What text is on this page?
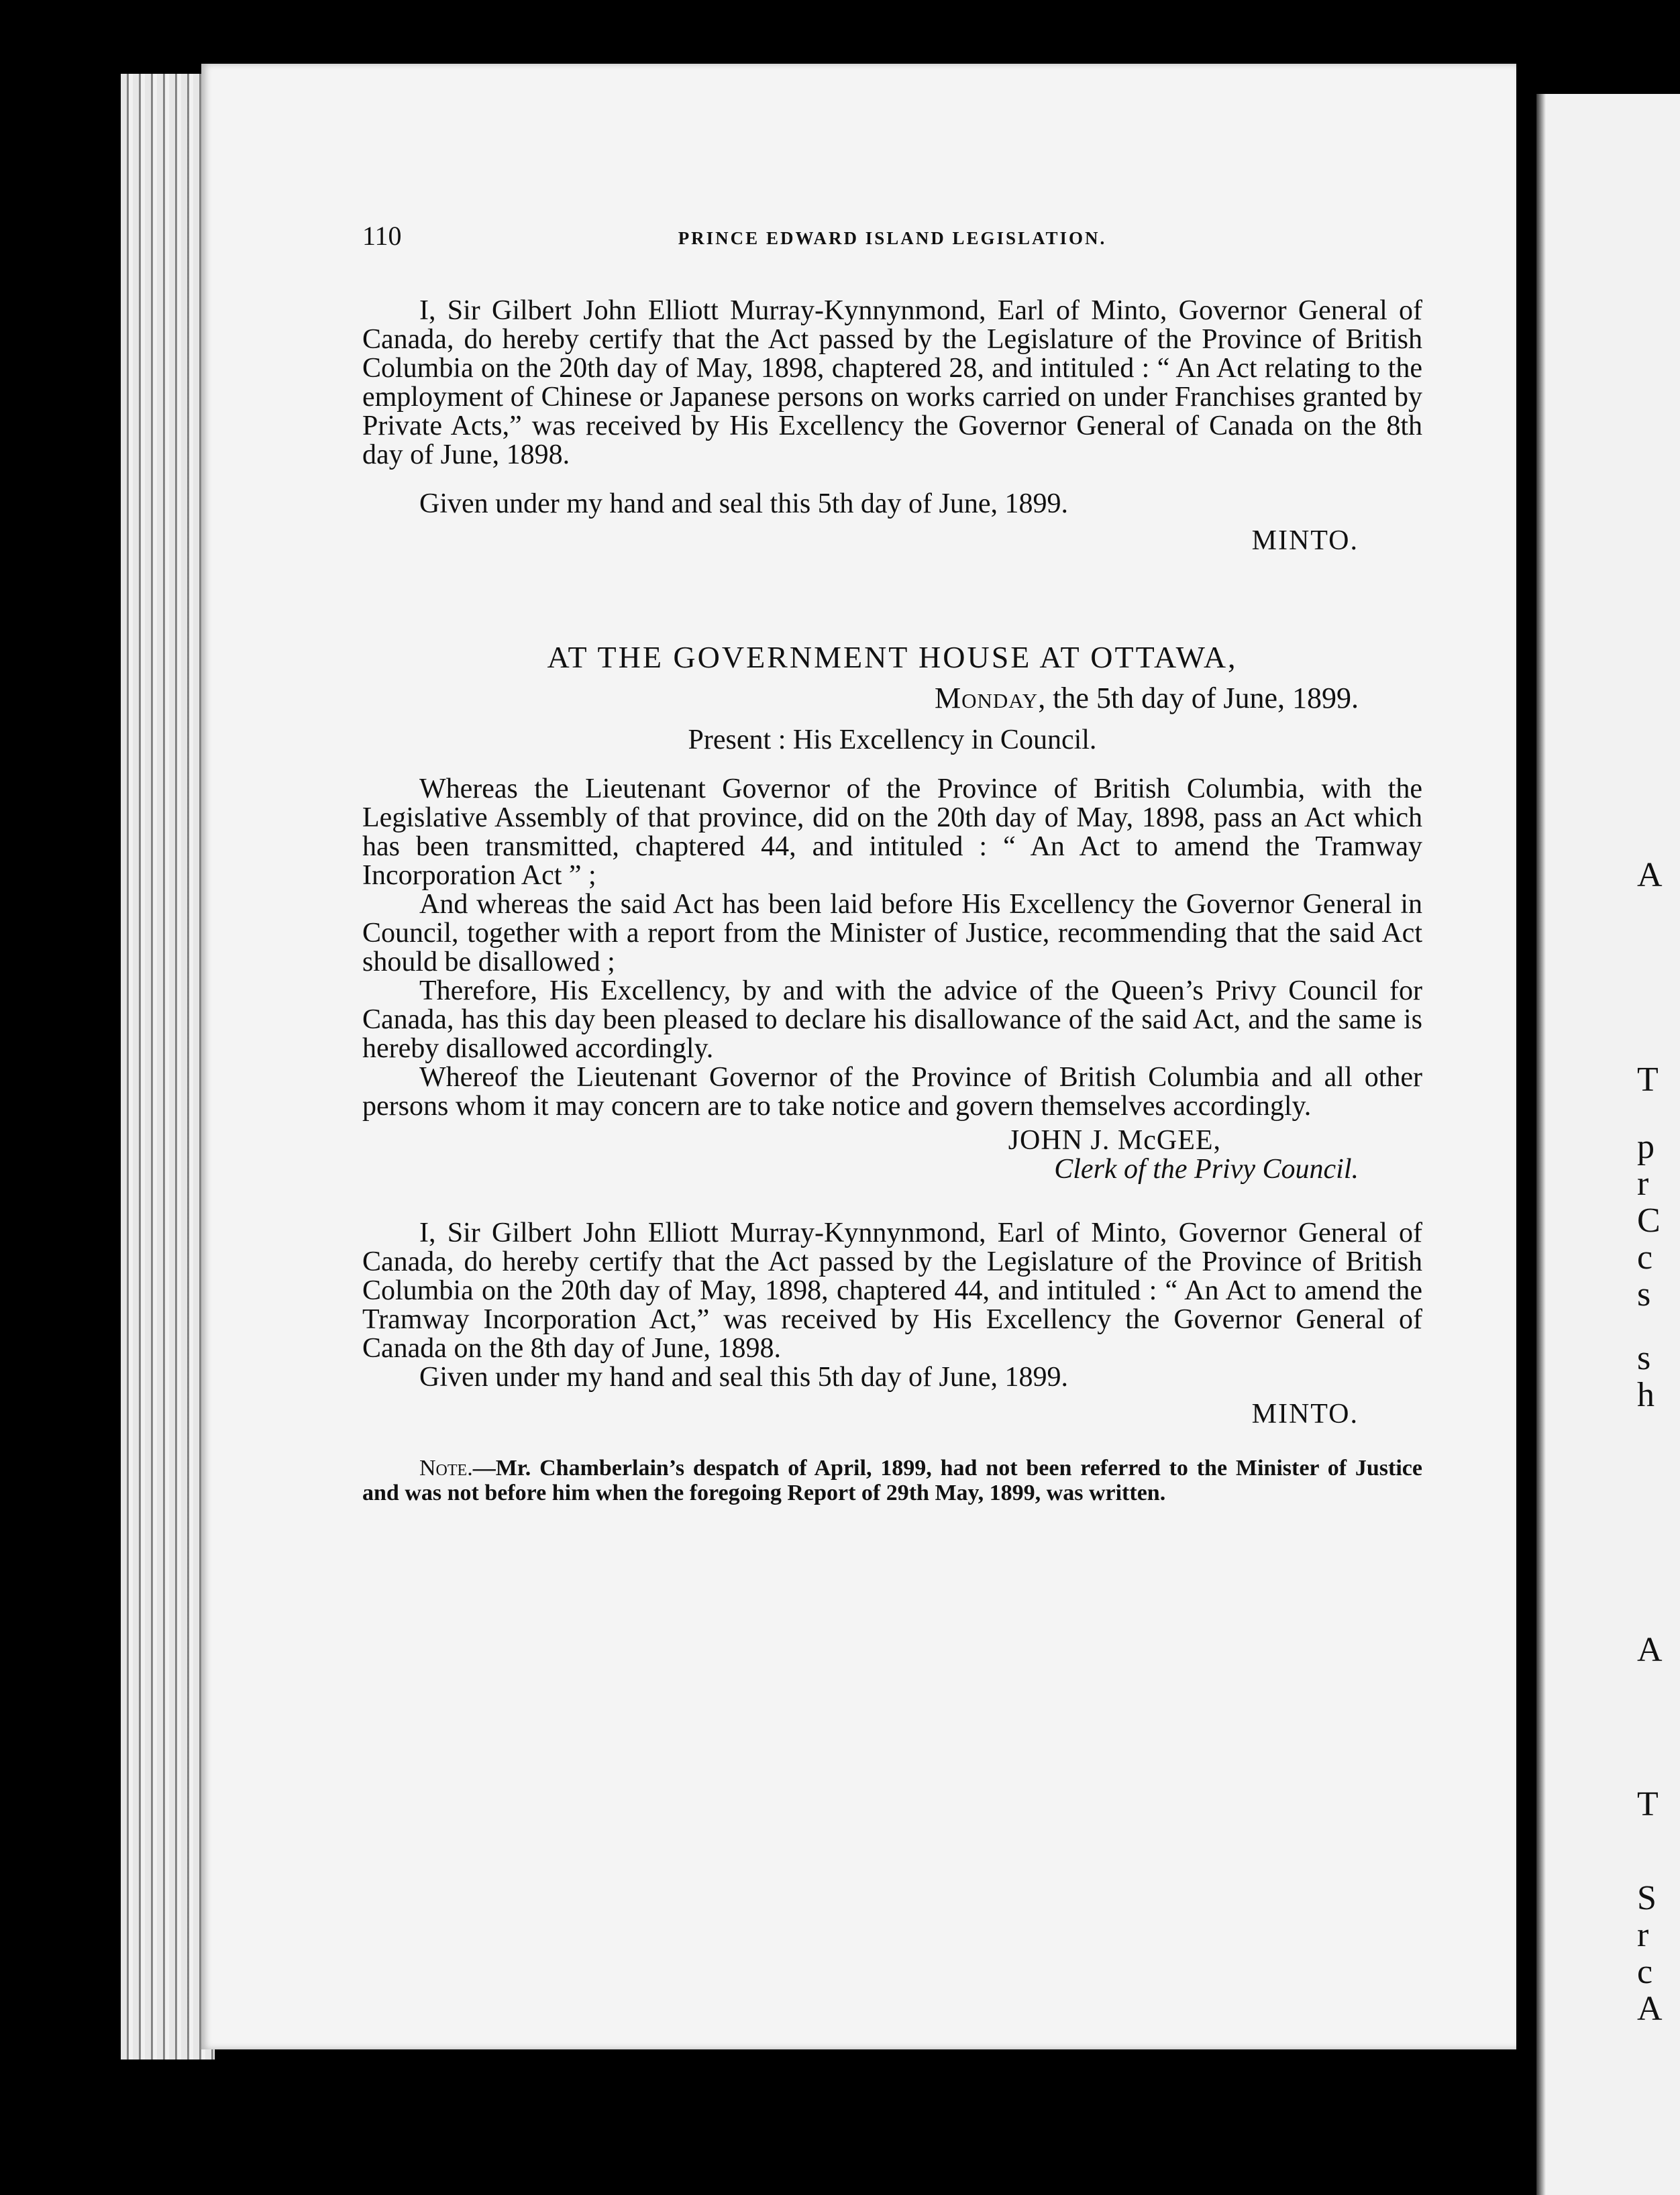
A
T
p
r
C
c
s
s
h
A
T
S
r
c
A
110	PRINCE EDWARD ISLAND LEGISLATION.

I, Sir Gilbert John Elliott Murray-Kynnynmond, Earl of Minto, Governor General of Canada, do hereby certify that the Act passed by the Legislature of the Province of British Columbia on the 20th day of May, 1898, chaptered 28, and intituled : “ An Act relating to the employment of Chinese or Japanese persons on works carried on under Franchises granted by Private Acts,” was received by His Excellency the Governor General of Canada on the 8th day of June, 1898.

Given under my hand and seal this 5th day of June, 1899.

MINTO.
AT THE GOVERNMENT HOUSE AT OTTAWA,
Monday, the 5th day of June, 1899.
Present : His Excellency in Council.

Whereas the Lieutenant Governor of the Province of British Columbia, with the Legislative Assembly of that province, did on the 20th day of May, 1898, pass an Act which has been transmitted, chaptered 44, and intituled : “ An Act to amend the Tramway Incorporation Act ” ;

And whereas the said Act has been laid before His Excellency the Governor General in Council, together with a report from the Minister of Justice, recommending that the said Act should be disallowed ;

Therefore, His Excellency, by and with the advice of the Queen’s Privy Council for Canada, has this day been pleased to declare his disallowance of the said Act, and the same is hereby disallowed accordingly.

Whereof the Lieutenant Governor of the Province of British Columbia and all other persons whom it may concern are to take notice and govern themselves accordingly.

JOHN J. McGEE,
Clerk of the Privy Council.

I, Sir Gilbert John Elliott Murray-Kynnynmond, Earl of Minto, Governor General of Canada, do hereby certify that the Act passed by the Legislature of the Province of British Columbia on the 20th day of May, 1898, chaptered 44, and intituled : “ An Act to amend the Tramway Incorporation Act,” was received by His Excellency the Governor General of Canada on the 8th day of June, 1898.

Given under my hand and seal this 5th day of June, 1899.

MINTO.

Note.—Mr. Chamberlain’s despatch of April, 1899, had not been referred to the Minister of Justice and was not before him when the foregoing Report of 29th May, 1899, was written.
